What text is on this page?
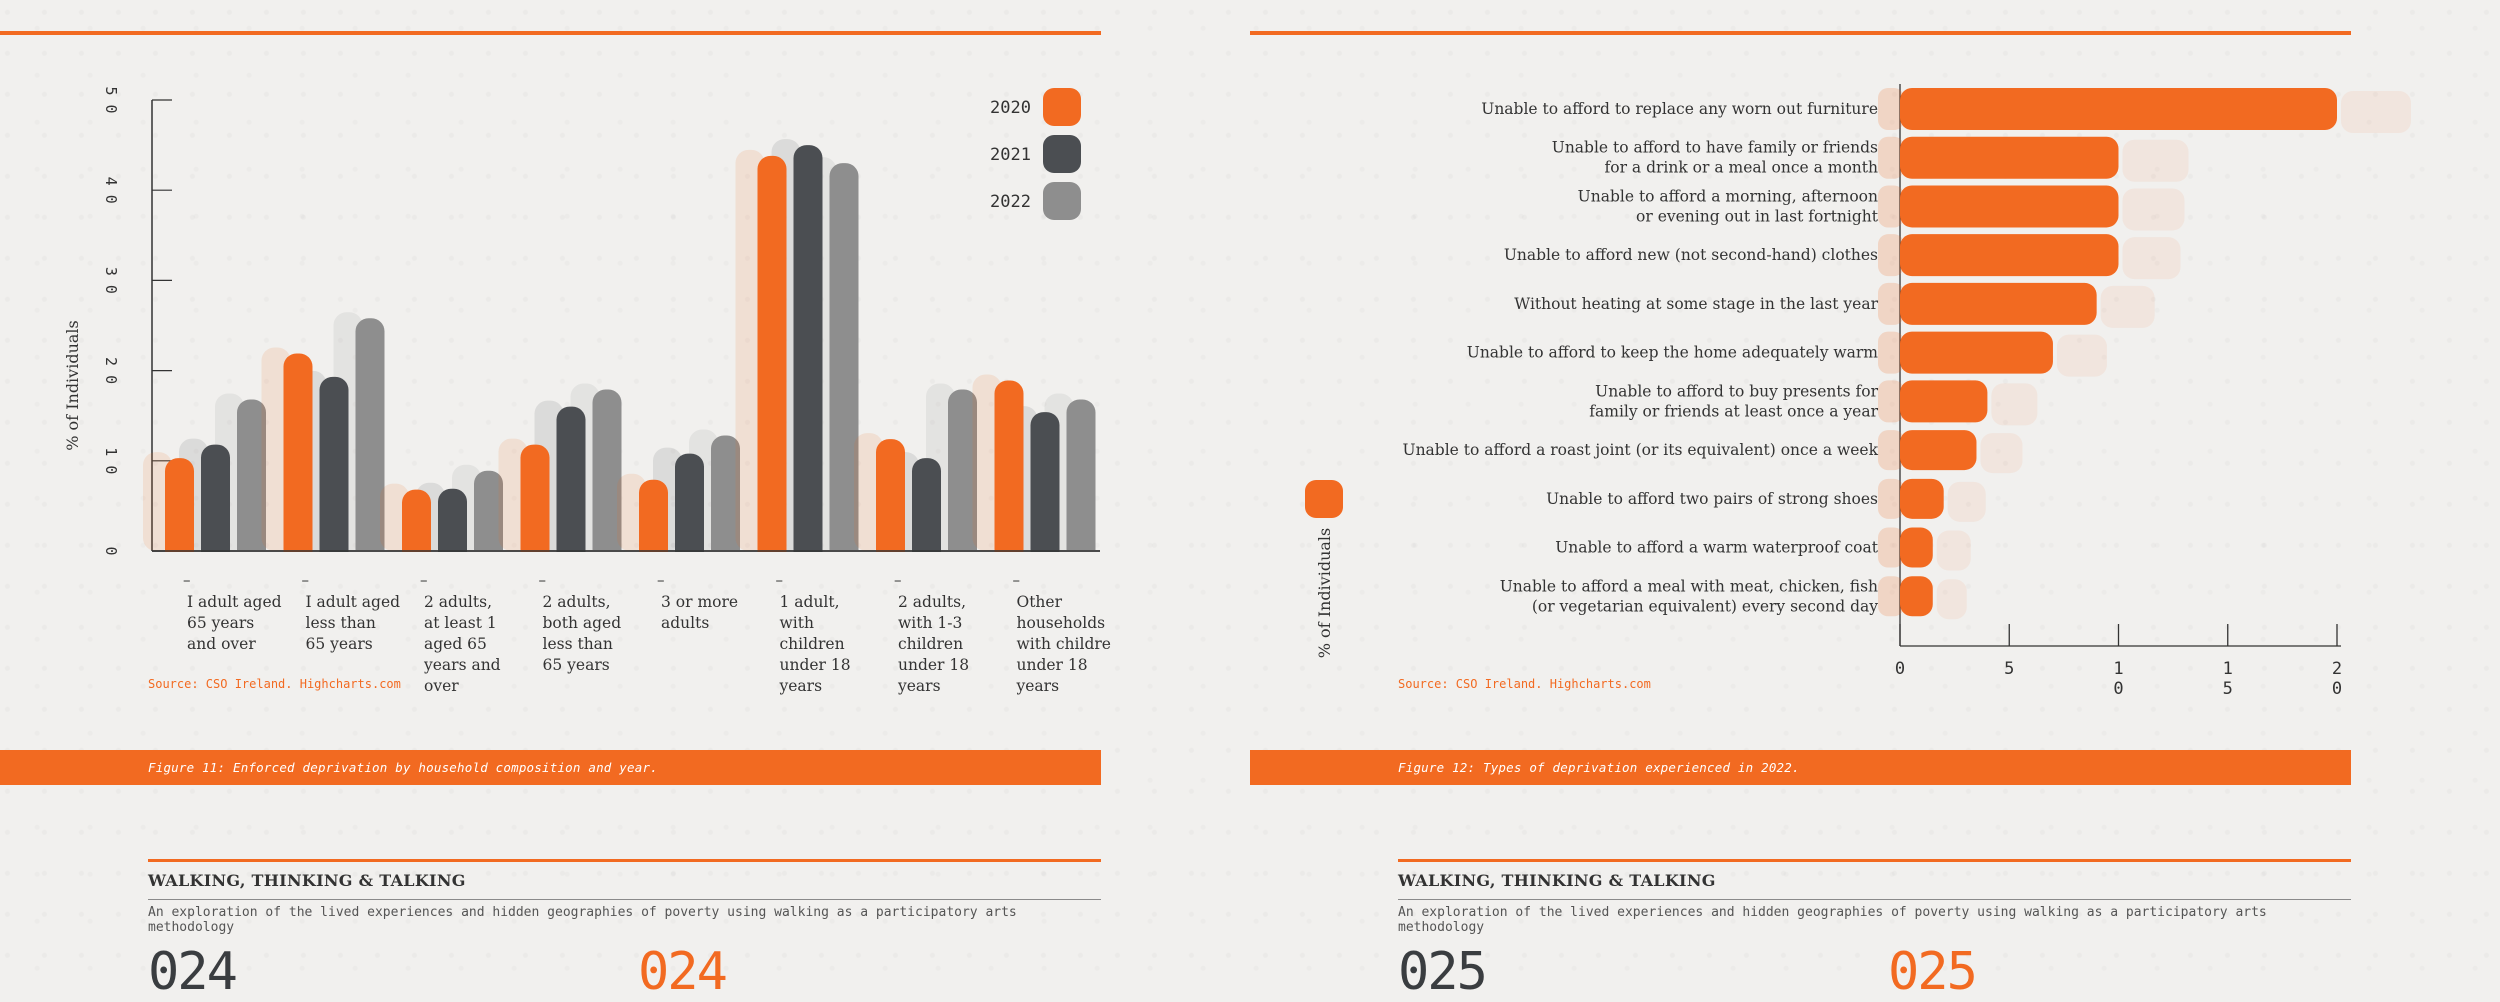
0
1 0
2 0
3 0
4 0
5 0
% of Individuals
–
I adult aged
65 years
and over
–
I adult aged
less than
65 years
–
2 adults,
at least 1
aged 65
years and
over
–
2 adults,
both aged
less than
65 years
–
3 or more
adults
–
1 adult,
with
children
under 18
years
–
2 adults,
with 1-3
children
under 18
years
–
Other
households
with childre
under 18
years
2020
2021
2022
Source: CSO Ireland. Highcharts.com
Figure 11: Enforced deprivation by household composition and year.
WALKING, THINKING & TALKING
An exploration of the lived experiences and hidden geographies of poverty using walking as a participatory arts methodology
024	024
Unable to afford to replace any worn out furniture
Unable to afford to have family or friends
for a drink or a meal once a month
Unable to afford a morning, afternoon
or evening out in last fortnight
Unable to afford new (not second-hand) clothes
Without heating at some stage in the last year
Unable to afford to keep the home adequately warm
Unable to afford to buy presents for
family or friends at least once a year
Unable to afford a roast joint (or its equivalent) once a week
Unable to afford two pairs of strong shoes
Unable to afford a warm waterproof coat
Unable to afford a meal with meat, chicken, fish
(or vegetarian equivalent) every second day
0	5	1
0
1
5
2
0
% of Individuals
Source: CSO Ireland. Highcharts.com
Figure 12: Types of deprivation experienced in 2022.
WALKING, THINKING & TALKING
An exploration of the lived experiences and hidden geographies of poverty using walking as a participatory arts methodology
025	025
